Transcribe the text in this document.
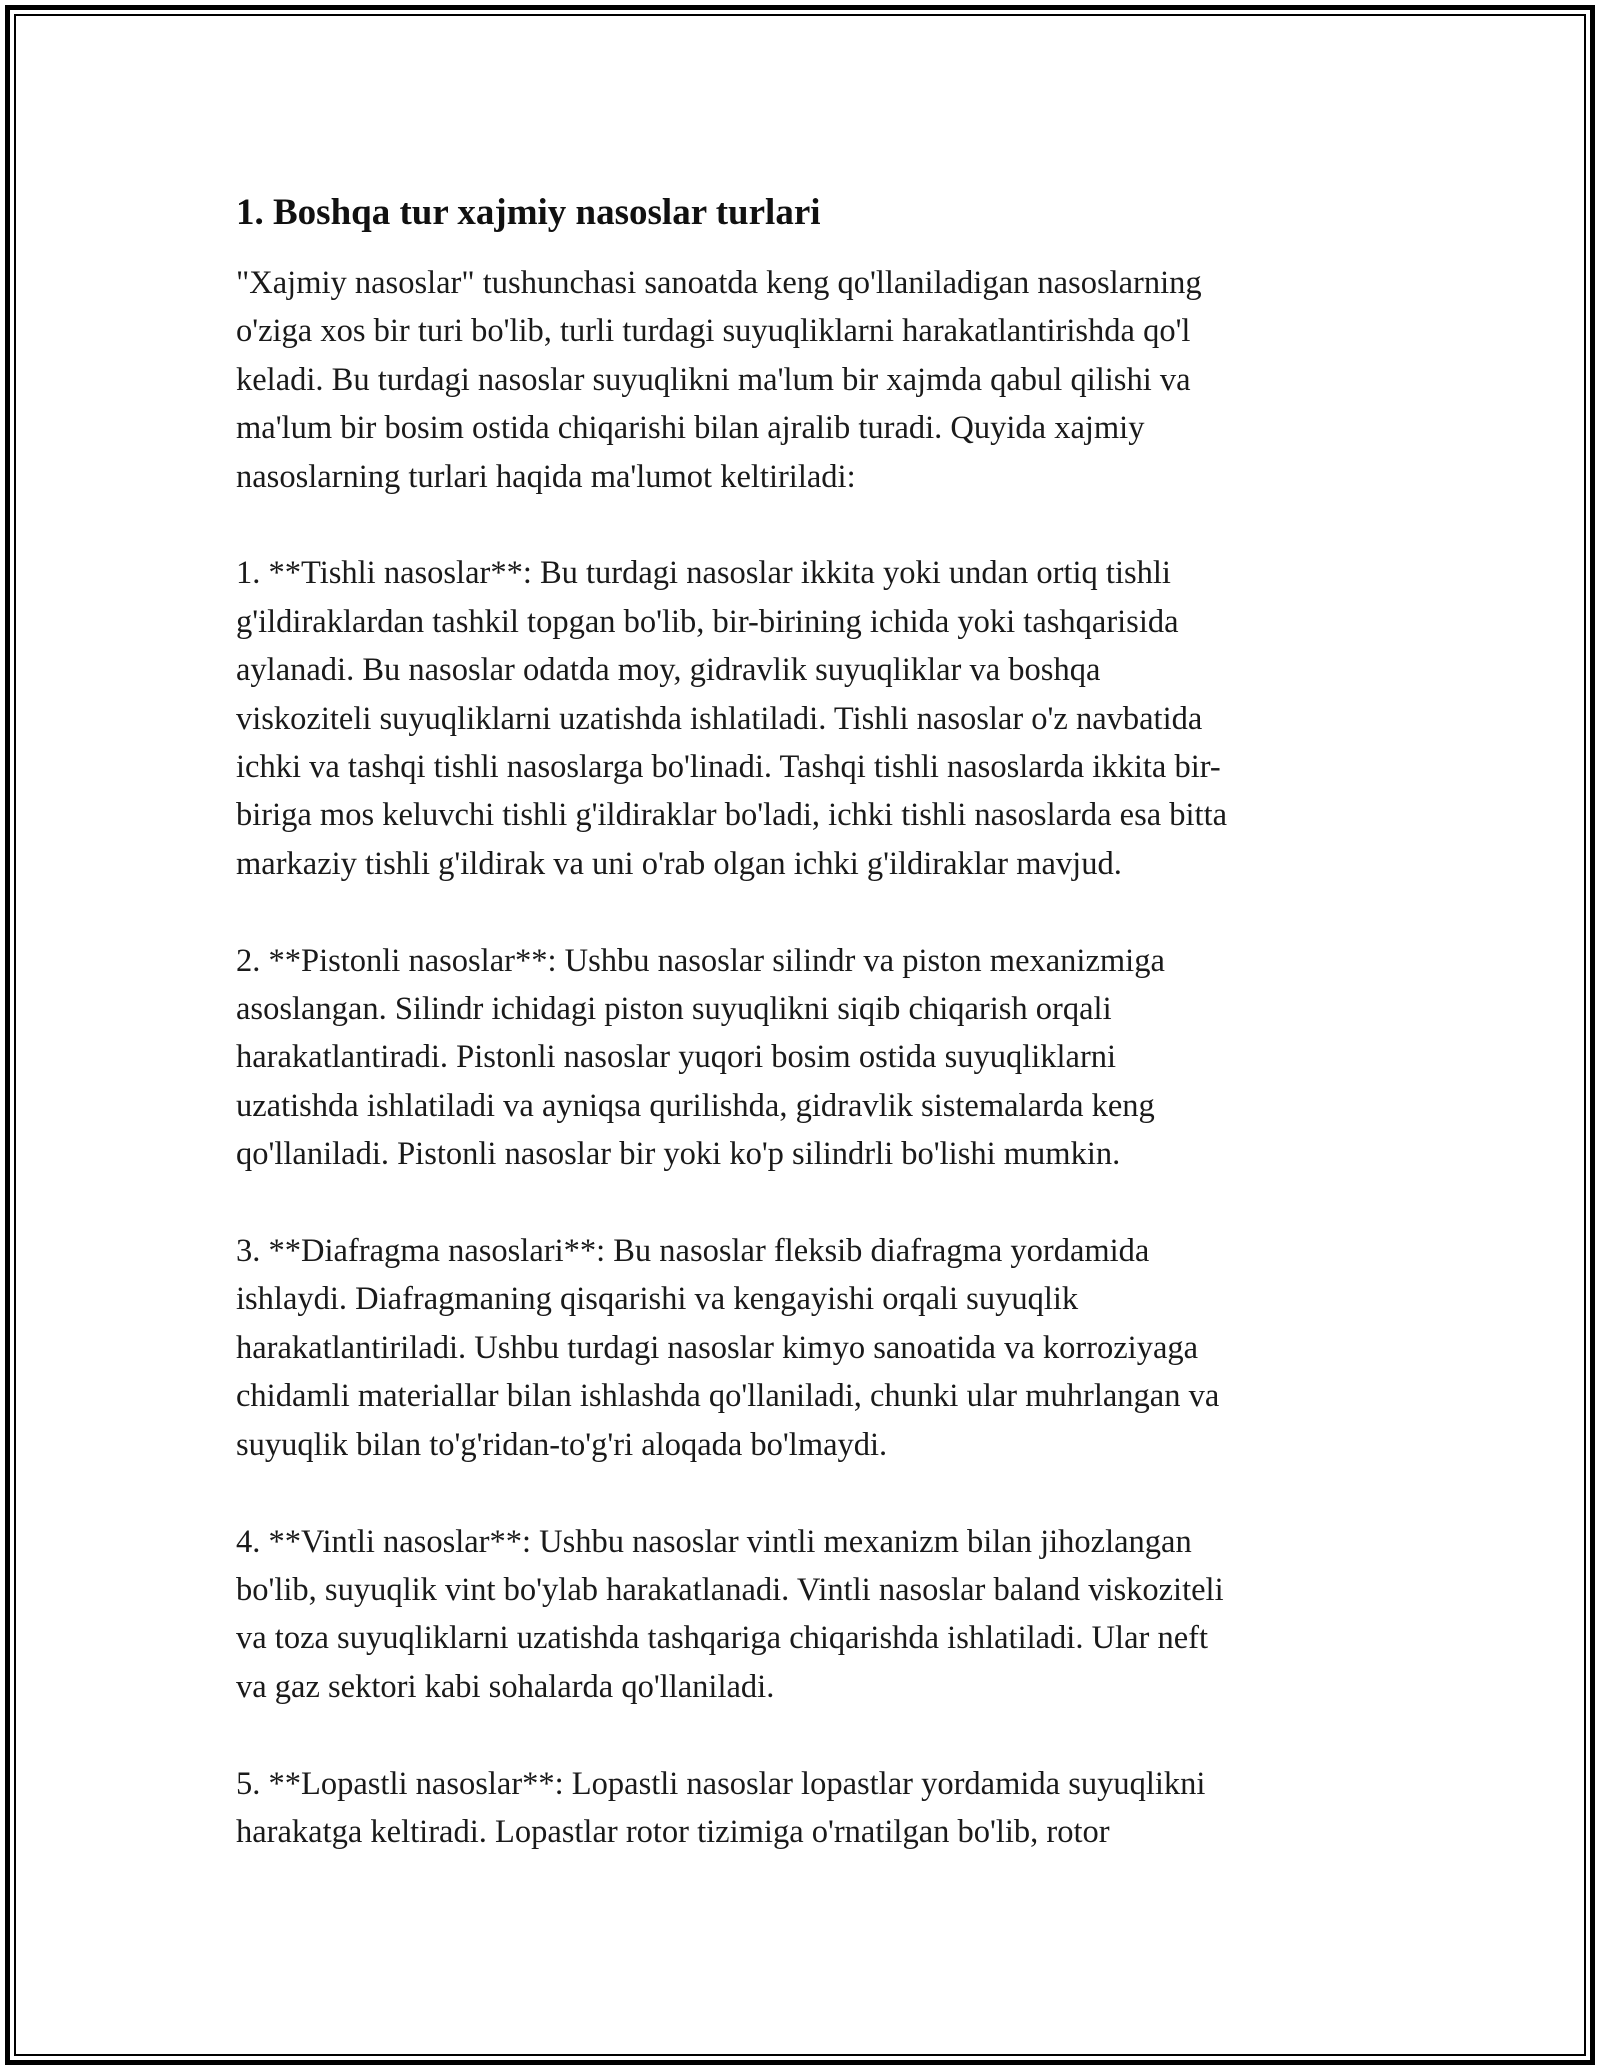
1. Boshqa tur xajmiy nasoslar turlari

"Xajmiy nasoslar" tushunchasi sanoatda keng qo'llaniladigan nasoslarning
o'ziga xos bir turi bo'lib, turli turdagi suyuqliklarni harakatlantirishda qo'l
keladi. Bu turdagi nasoslar suyuqlikni ma'lum bir xajmda qabul qilishi va
ma'lum bir bosim ostida chiqarishi bilan ajralib turadi. Quyida xajmiy
nasoslarning turlari haqida ma'lumot keltiriladi:

1. **Tishli nasoslar**: Bu turdagi nasoslar ikkita yoki undan ortiq tishli
g'ildiraklardan tashkil topgan bo'lib, bir-birining ichida yoki tashqarisida
aylanadi. Bu nasoslar odatda moy, gidravlik suyuqliklar va boshqa
viskoziteli suyuqliklarni uzatishda ishlatiladi. Tishli nasoslar o'z navbatida
ichki va tashqi tishli nasoslarga bo'linadi. Tashqi tishli nasoslarda ikkita bir-
biriga mos keluvchi tishli g'ildiraklar bo'ladi, ichki tishli nasoslarda esa bitta
markaziy tishli g'ildirak va uni o'rab olgan ichki g'ildiraklar mavjud.

2. **Pistonli nasoslar**: Ushbu nasoslar silindr va piston mexanizmiga
asoslangan. Silindr ichidagi piston suyuqlikni siqib chiqarish orqali
harakatlantiradi. Pistonli nasoslar yuqori bosim ostida suyuqliklarni
uzatishda ishlatiladi va ayniqsa qurilishda, gidravlik sistemalarda keng
qo'llaniladi. Pistonli nasoslar bir yoki ko'p silindrli bo'lishi mumkin.

3. **Diafragma nasoslari**: Bu nasoslar fleksib diafragma yordamida
ishlaydi. Diafragmaning qisqarishi va kengayishi orqali suyuqlik
harakatlantiriladi. Ushbu turdagi nasoslar kimyo sanoatida va korroziyaga
chidamli materiallar bilan ishlashda qo'llaniladi, chunki ular muhrlangan va
suyuqlik bilan to'g'ridan-to'g'ri aloqada bo'lmaydi.

4. **Vintli nasoslar**: Ushbu nasoslar vintli mexanizm bilan jihozlangan
bo'lib, suyuqlik vint bo'ylab harakatlanadi. Vintli nasoslar baland viskoziteli
va toza suyuqliklarni uzatishda tashqariga chiqarishda ishlatiladi. Ular neft
va gaz sektori kabi sohalarda qo'llaniladi.

5. **Lopastli nasoslar**: Lopastli nasoslar lopastlar yordamida suyuqlikni
harakatga keltiradi. Lopastlar rotor tizimiga o'rnatilgan bo'lib, rotor
